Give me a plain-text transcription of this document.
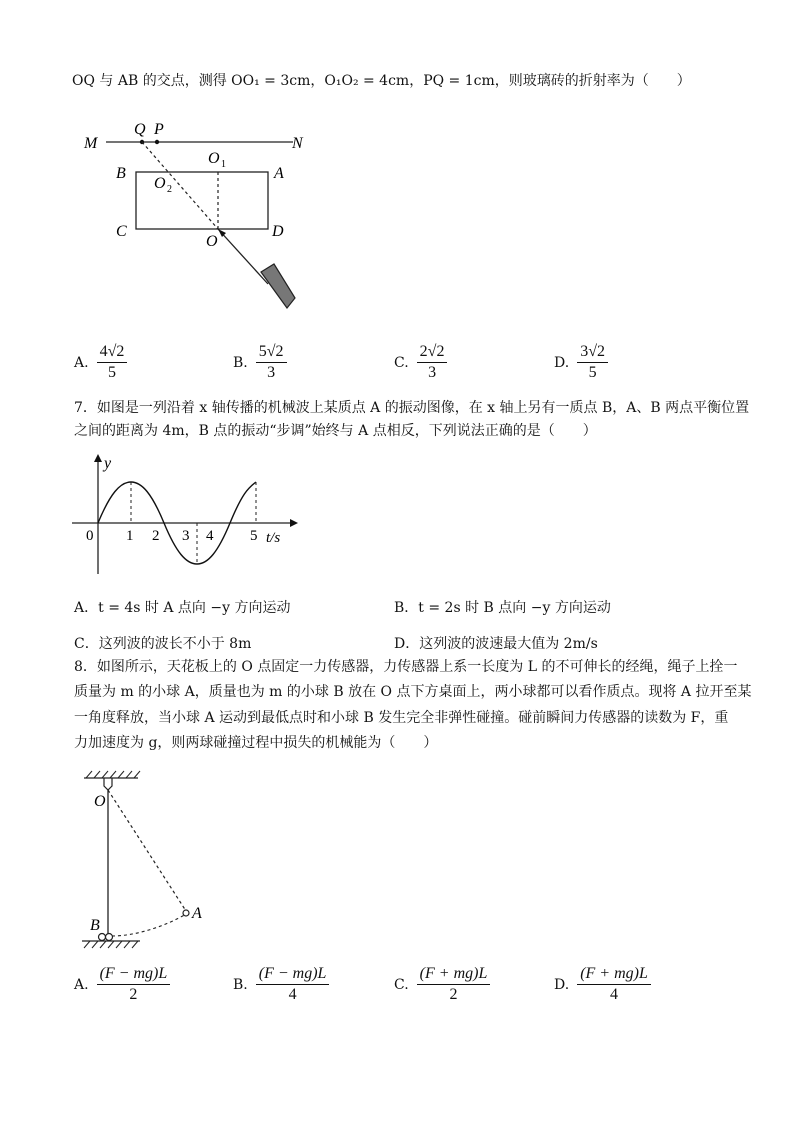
OQ 与 AB 的交点，测得 OO₁ = 3cm，O₁O₂ = 4cm，PQ = 1cm，则玻璃砖的折射率为（　　）
M
Q P
N
B	A
C	D
O 1
O 2
O
A. $\frac{4√2}{5}$	B. $\frac{5√2}{3}$	C. $\frac{2√2}{3}$	D. $\frac{3√2}{5}$
7．如图是一列沿着 x 轴传播的机械波上某质点 A 的振动图像，在 x 轴上另有一质点 B，A、B 两点平衡位置
之间的距离为 4m，B 点的振动“步调”始终与 A 点相反，下列说法正确的是（　　）
y
t/s
0 1 2 3 4 5
A．t = 4s 时 A 点向 −y 方向运动	B．t = 2s 时 B 点向 −y 方向运动
C．这列波的波长不小于 8m	D．这列波的波速最大值为 2m/s
8．如图所示，天花板上的 O 点固定一力传感器，力传感器上系一长度为 L 的不可伸长的经绳，绳子上拴一
质量为 m 的小球 A，质量也为 m 的小球 B 放在 O 点下方桌面上，两小球都可以看作质点。现将 A 拉开至某
一角度释放，当小球 A 运动到最低点时和小球 B 发生完全非弹性碰撞。碰前瞬间力传感器的读数为 F，重
力加速度为 g，则两球碰撞过程中损失的机械能为（　　）
O
A
B
A. $\frac{(F - mg)L}{2}$	B. $\frac{(F - mg)L}{4}$	C. $\frac{(F + mg)L}{2}$	D. $\frac{(F + mg)L}{4}$
